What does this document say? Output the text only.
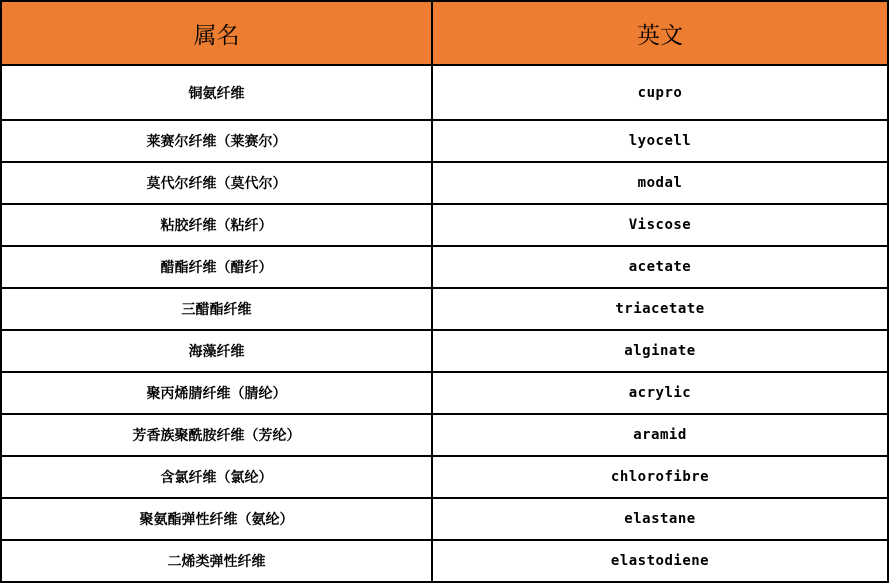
属名	英文
铜氨纤维	cupro
莱赛尔纤维（莱赛尔）	lyocell
莫代尔纤维（莫代尔）	modal
粘胶纤维（粘纤）	Viscose
醋酯纤维（醋纤）	acetate
三醋酯纤维	triacetate
海藻纤维	alginate
聚丙烯腈纤维（腈纶）	acrylic
芳香族聚酰胺纤维（芳纶）	aramid
含氯纤维（氯纶）	chlorofibre
聚氨酯弹性纤维（氨纶）	elastane
二烯类弹性纤维	elastodiene
